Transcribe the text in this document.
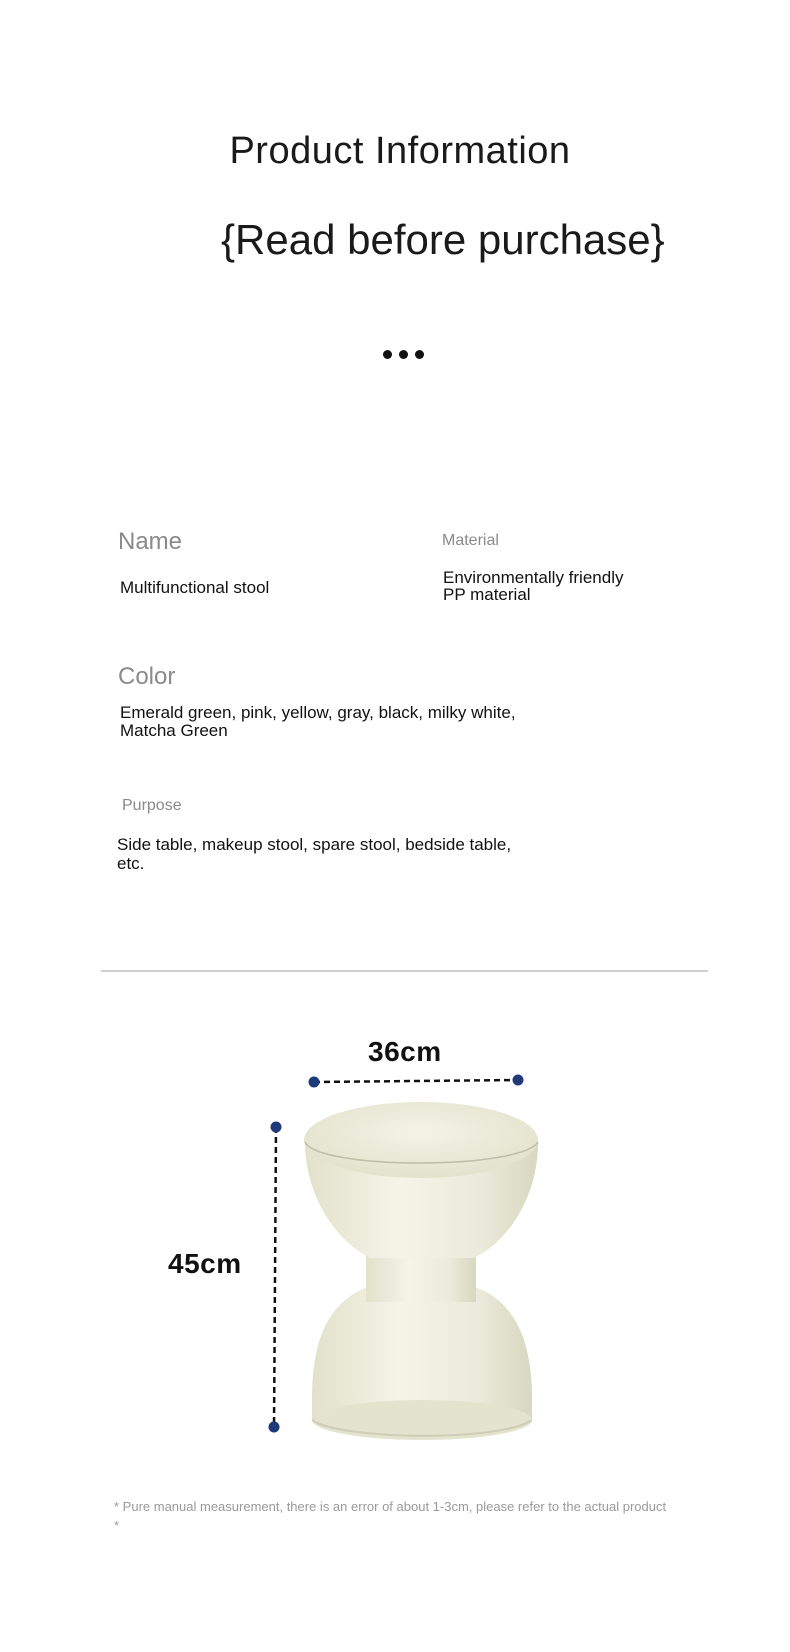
Product Information
{Read before purchase}
Name
Multifunctional stool
Material
Environmentally friendly
PP material
Color
Emerald green, pink, yellow, gray, black, milky white,
Matcha Green
Purpose
Side table, makeup stool, spare stool, bedside table,
etc.
36cm
45cm
* Pure manual measurement, there is an error of about 1-3cm, please refer to the actual product
*
